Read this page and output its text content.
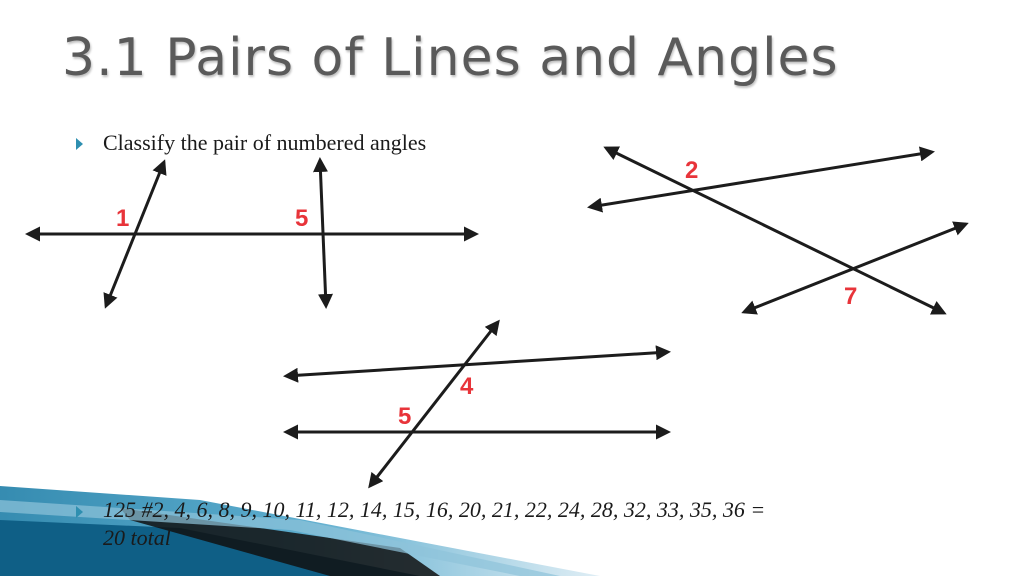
3.1 Pairs of Lines and Angles

Classify the pair of numbered angles

1	5
2
7
4
5

125 #2, 4, 6, 8, 9, 10, 11, 12, 14, 15, 16, 20, 21, 22, 24, 28, 32, 33, 35, 36 =
20 total
